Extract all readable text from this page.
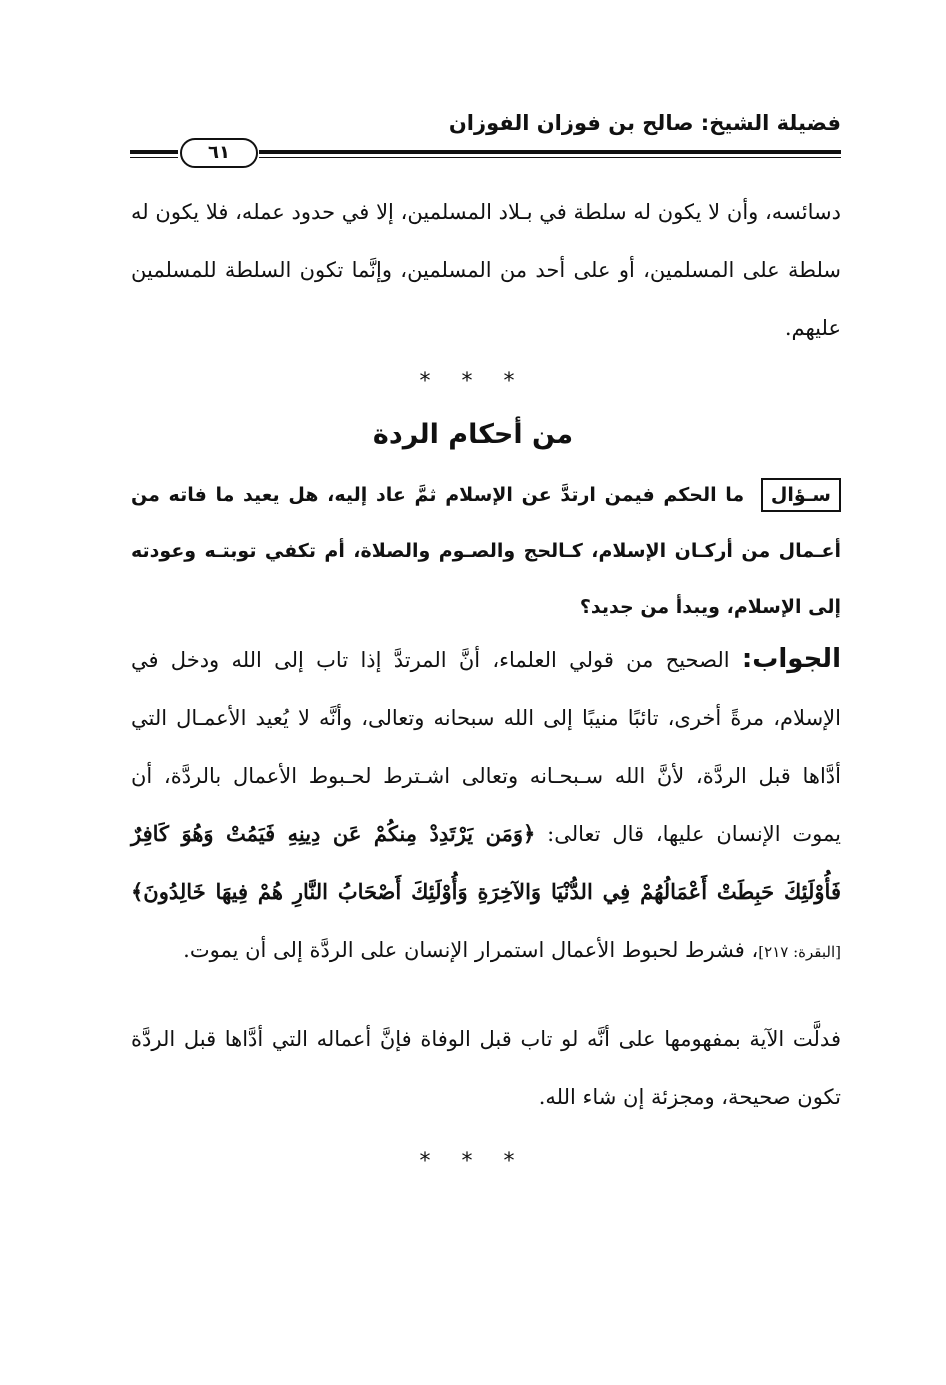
فضيلة الشيخ: صالح بن فوزان الفوزان
٦١

دسائسه، وأن لا يكون له سلطة في بـلاد المسلمين، إلا في حدود عمله، فلا يكون له سلطة على المسلمين، أو على أحد من المسلمين، وإنَّما تكون السلطة للمسلمين عليهم.

* * *
من أحكام الردة

سـؤال ما الحكم فيمن ارتدَّ عن الإسلام ثمَّ عاد إليه، هل يعيد ما فاته من أعـمال من أركـان الإسلام، كـالحج والصـوم والصلاة، أم تكفي توبتـه وعودته إلى الإسلام، ويبدأ من جديد؟

الجواب: الصحيح من قولي العلماء، أنَّ المرتدَّ إذا تاب إلى الله ودخل في الإسلام، مرةً أخرى، تائبًا منيبًا إلى الله سبحانه وتعالى، وأنَّه لا يُعيد الأعمـال التي أدَّاها قبل الردَّة، لأنَّ الله سـبحـانه وتعالى اشـترط لحـبوط الأعمال بالردَّة، أن يموت الإنسان عليها، قال تعالى: ﴿وَمَن يَرْتَدِدْ مِنكُمْ عَن دِينِهِ فَيَمُتْ وَهُوَ كَافِرٌ فَأُوْلَئِكَ حَبِطَتْ أَعْمَالُهُمْ فِي الدُّنْيَا وَالآخِرَةِ وَأُوْلَئِكَ أَصْحَابُ النَّارِ هُمْ فِيهَا خَالِدُونَ﴾ [البقرة: ٢١٧]، فشرط لحبوط الأعمال استمرار الإنسان على الردَّة إلى أن يموت.

فدلَّت الآية بمفهومها على أنَّه لو تاب قبل الوفاة فإنَّ أعماله التي أدَّاها قبل الردَّة تكون صحيحة، ومجزئة إن شاء الله.

* * *
